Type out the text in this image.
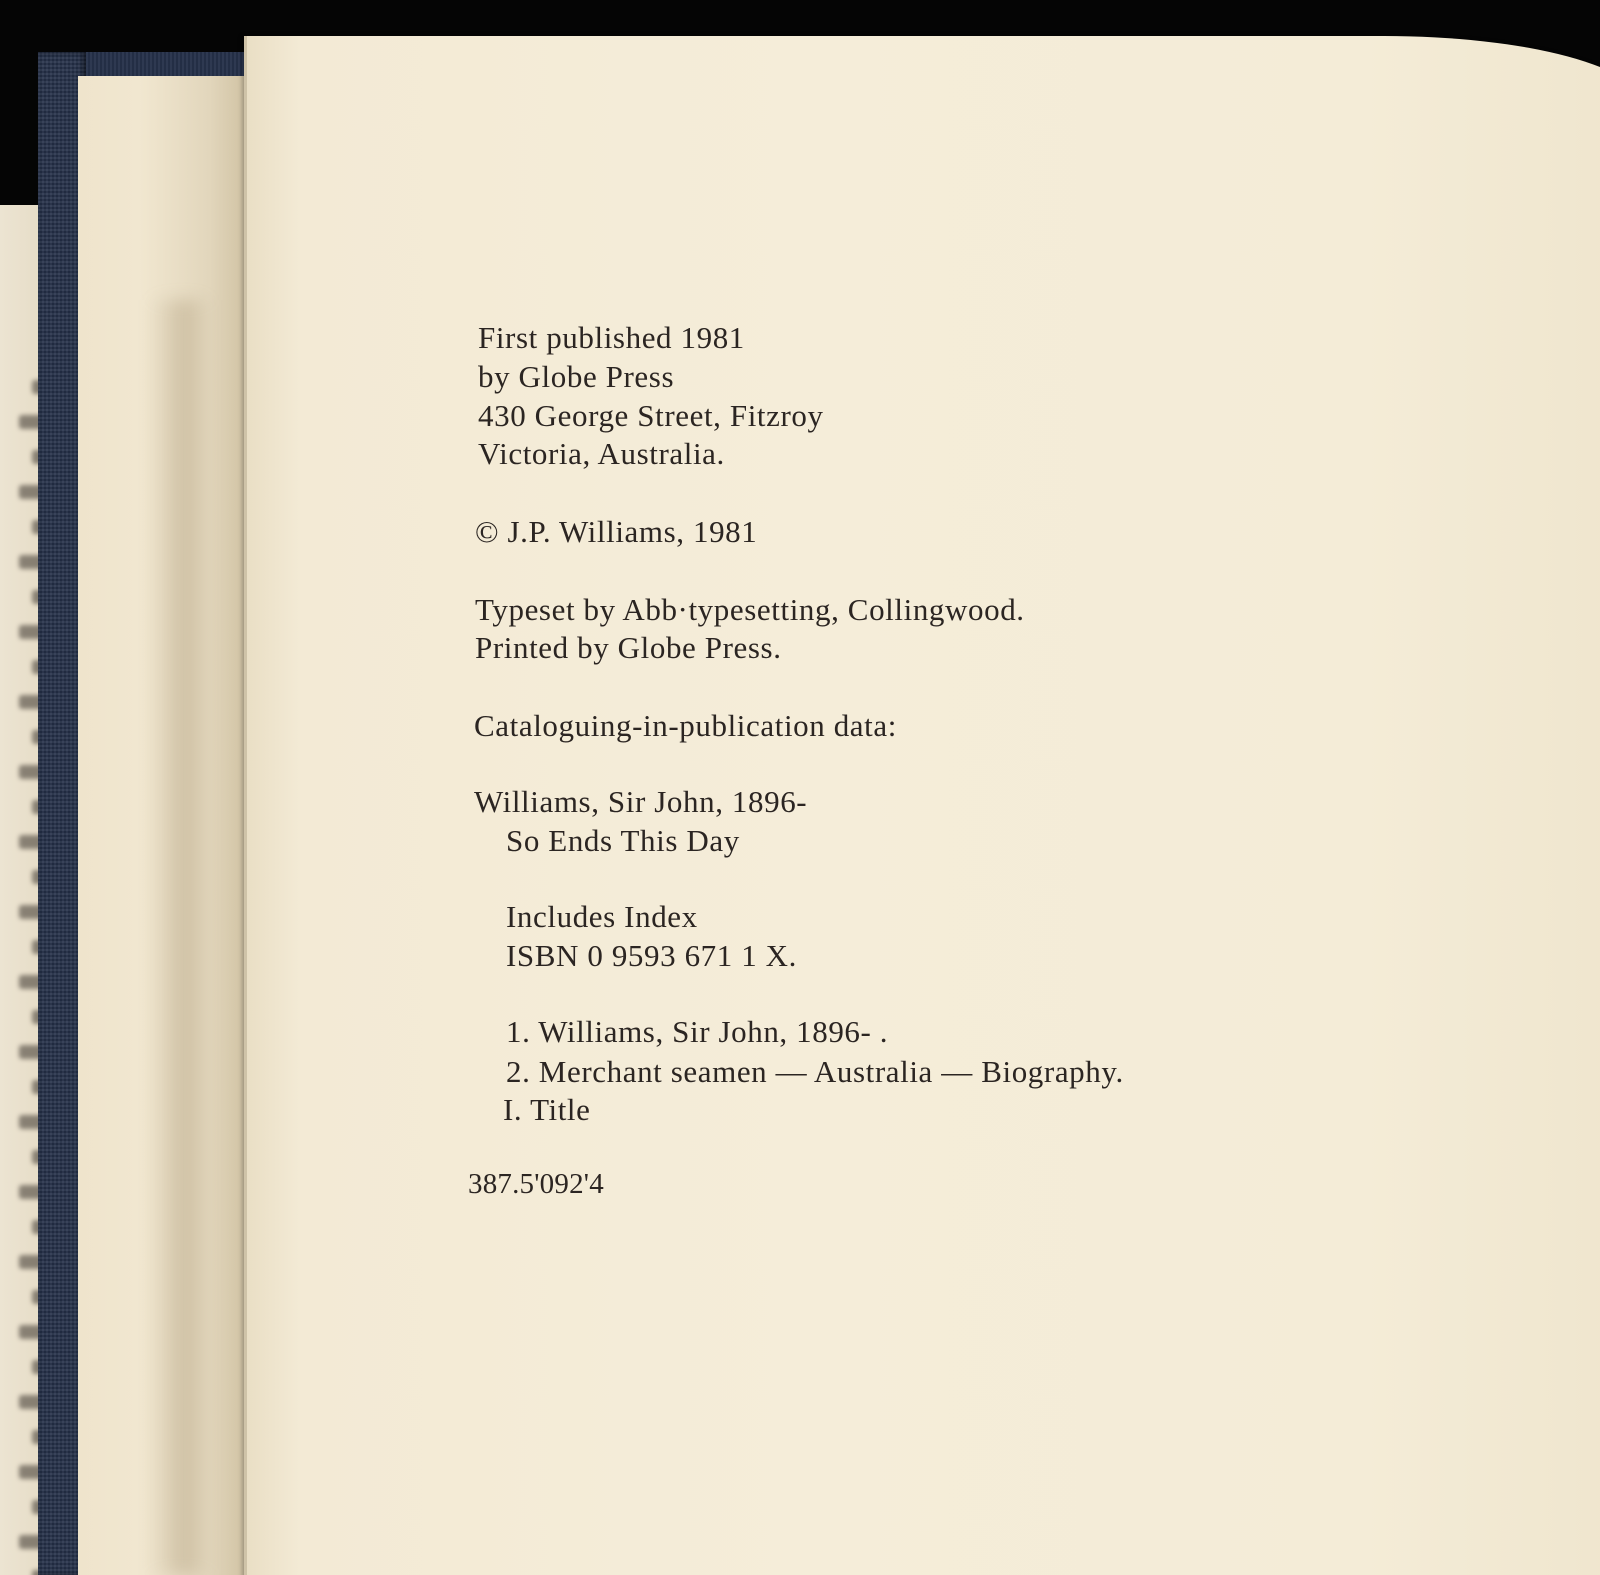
First published 1981
by Globe Press
430 George Street, Fitzroy
Victoria, Australia.
© J.P. Williams, 1981
Typeset by Abb·typesetting, Collingwood.
Printed by Globe Press.
Cataloguing-in-publication data:
Williams, Sir John, 1896-
So Ends This Day
Includes Index
ISBN 0 9593 671 1 X.
1. Williams, Sir John, 1896- .
2. Merchant seamen — Australia — Biography.
I. Title
387.5'092'4
